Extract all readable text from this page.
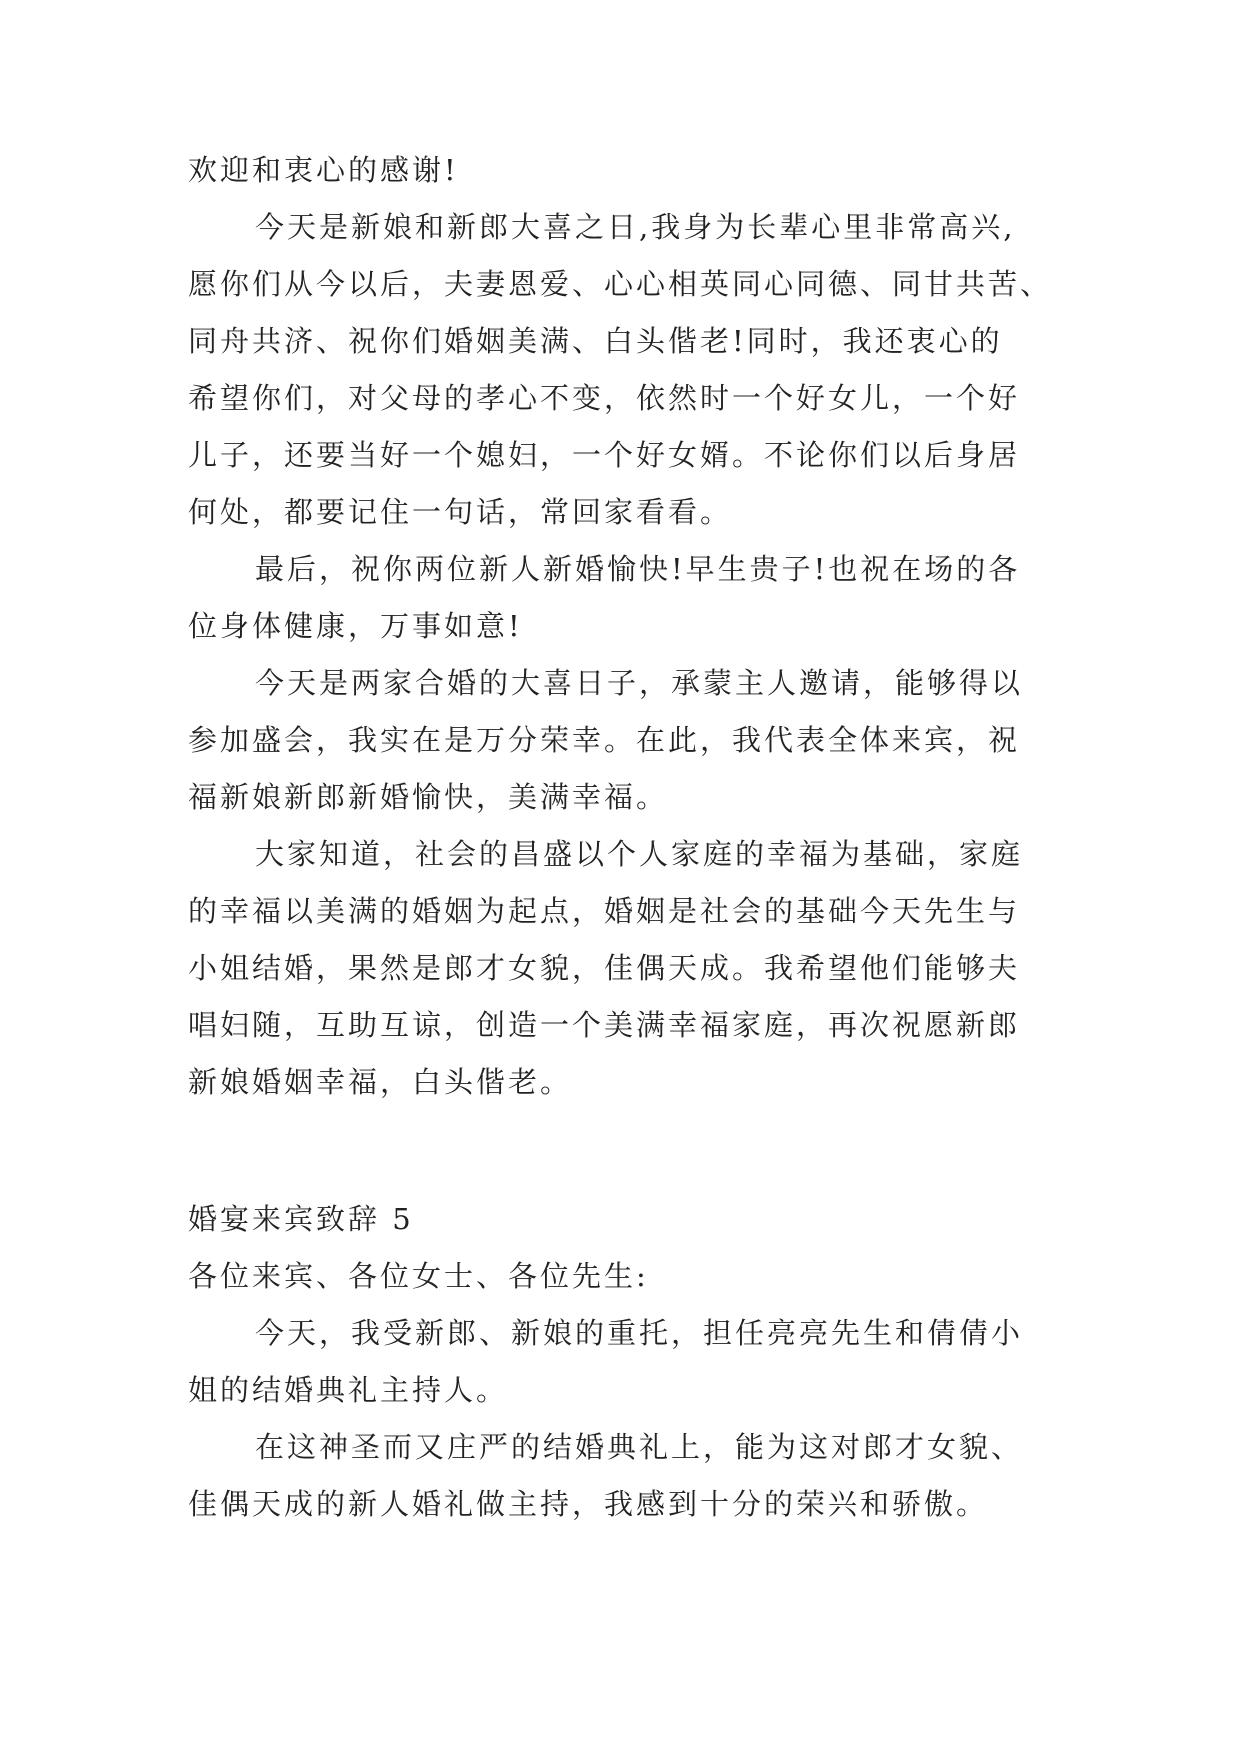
欢迎和衷心的感谢!

今天是新娘和新郎大喜之日,我身为长辈心里非常高兴,

愿你们从今以后，夫妻恩爱、心心相英同心同德、同甘共苦、

同舟共济、祝你们婚姻美满、白头偕老!同时，我还衷心的

希望你们，对父母的孝心不变，依然时一个好女儿，一个好

儿子，还要当好一个媳妇，一个好女婿。不论你们以后身居

何处，都要记住一句话，常回家看看。

最后，祝你两位新人新婚愉快!早生贵子!也祝在场的各

位身体健康，万事如意!

今天是两家合婚的大喜日子，承蒙主人邀请，能够得以

参加盛会，我实在是万分荣幸。在此，我代表全体来宾，祝

福新娘新郎新婚愉快，美满幸福。

大家知道，社会的昌盛以个人家庭的幸福为基础，家庭

的幸福以美满的婚姻为起点，婚姻是社会的基础今天先生与

小姐结婚，果然是郎才女貌，佳偶天成。我希望他们能够夫

唱妇随，互助互谅，创造一个美满幸福家庭，再次祝愿新郎

新娘婚姻幸福，白头偕老。

婚宴来宾致辞 5

各位来宾、各位女士、各位先生:

今天，我受新郎、新娘的重托，担任亮亮先生和倩倩小

姐的结婚典礼主持人。

在这神圣而又庄严的结婚典礼上，能为这对郎才女貌、

佳偶天成的新人婚礼做主持，我感到十分的荣兴和骄傲。
